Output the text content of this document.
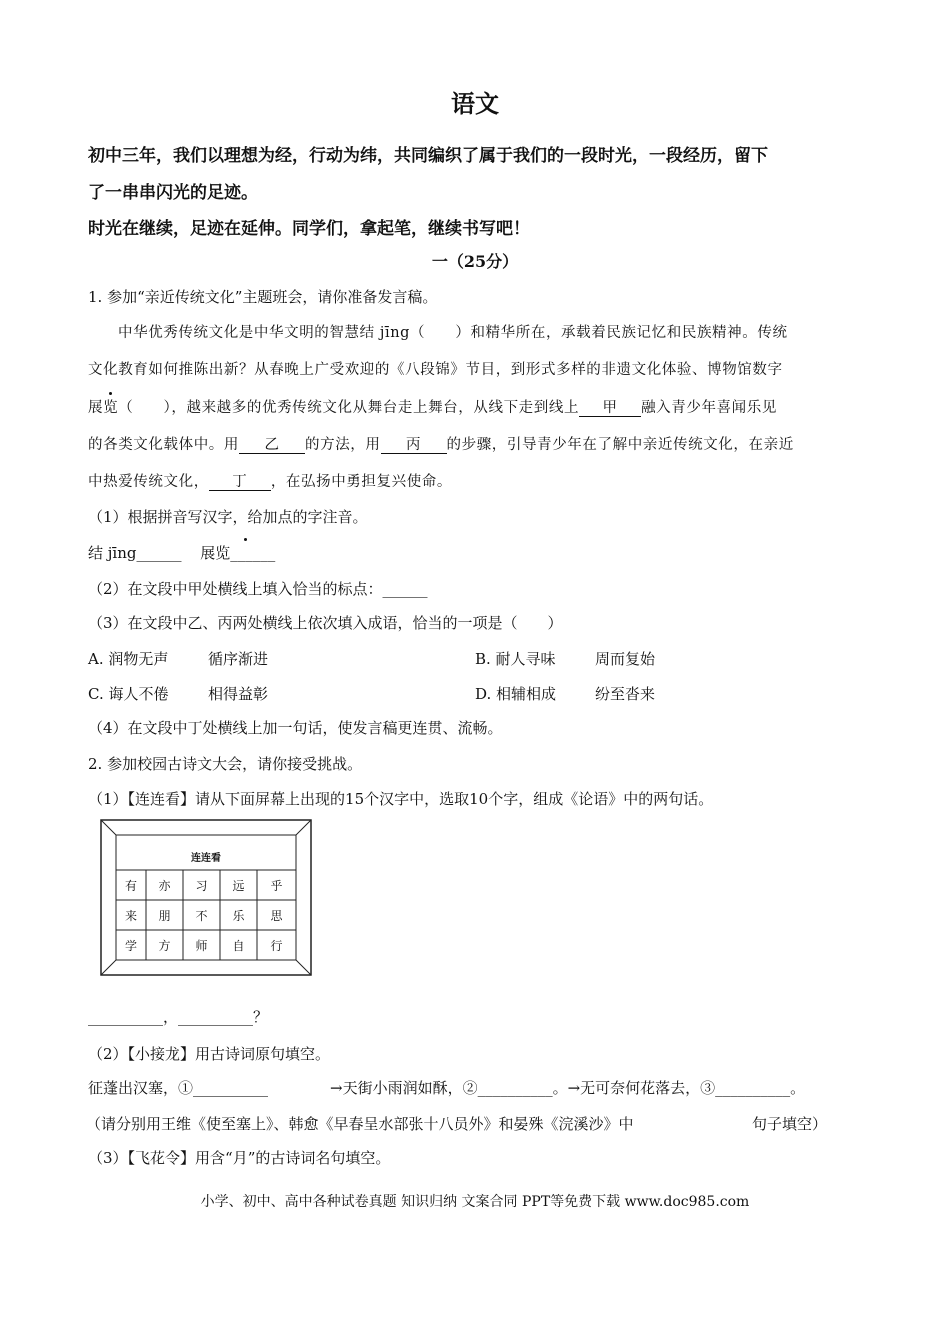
语文
初中三年，我们以理想为经，行动为纬，共同编织了属于我们的一段时光，一段经历，留下
了一串串闪光的足迹。
时光在继续，足迹在延伸。同学们，拿起笔，继续书写吧！
一（25分）
1. 参加“亲近传统文化”主题班会，请你准备发言稿。
中华优秀传统文化是中华文明的智慧结 jīng（　　）和精华所在，承载着民族记忆和民族精神。传统
文化教育如何推陈出新？从春晚上广受欢迎的《八段锦》节目，到形式多样的非遗文化体验、博物馆数字
展览（　　），越来越多的优秀传统文化从舞台走上舞台，从线下走到线上 甲 融入青少年喜闻乐见
的各类文化载体中。用 乙 的方法，用 丙 的步骤，引导青少年在了解中亲近传统文化，在亲近
中热爱传统文化， 丁 ，在弘扬中勇担复兴使命。
（1）根据拼音写汉字，给加点的字注音。
结 jīng______ 展览______
（2）在文段中甲处横线上填入恰当的标点：______
（3）在文段中乙、丙两处横线上依次填入成语，恰当的一项是（　　）
A. 润物无声	循序渐进	B. 耐人寻味	周而复始
C. 诲人不倦	相得益彰	D. 相辅相成	纷至沓来
（4）在文段中丁处横线上加一句话，使发言稿更连贯、流畅。
2. 参加校园古诗文大会，请你接受挑战。
（1）【连连看】请从下面屏幕上出现的15个汉字中，选取10个字，组成《论语》中的两句话。
连连看
有	亦	习	远	乎
来	朋	不	乐	思
学	方	师	自	行
__________，__________？
（2）【小接龙】用古诗词原句填空。
征蓬出汉塞，①__________	→天街小雨润如酥，②__________。→无可奈何花落去，③__________。
（请分别用王维《使至塞上》、韩愈《早春呈水部张十八员外》和晏殊《浣溪沙》中	句子填空）
（3）【飞花令】用含“月”的古诗词名句填空。
小学、初中、高中各种试卷真题 知识归纳 文案合同 PPT等免费下载 www.doc985.com
